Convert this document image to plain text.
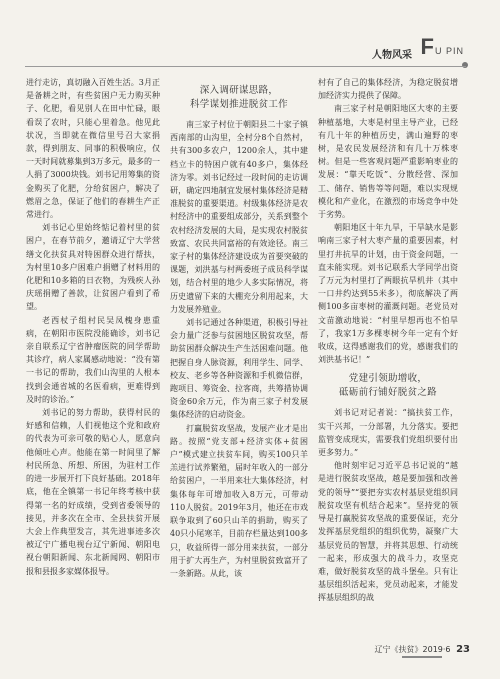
人物风采 F U PIN

进行走访，真切融入百姓生活。3月正是备耕之时，有些贫困户无力购买种子、化肥，看见别人在田中忙碌，眼看误了农时，只能心里着急。他见此状况，当即就在微信里号召大家捐款，得到朋友、同事的积极响应，仅一天时间就募集到3万多元，最多的一人捐了3000块钱。刘书记用筹集的资金购买了化肥，分给贫困户，解决了燃眉之急，保证了他们的春耕生产正常进行。

刘书记心里始终惦记着村里的贫困户，在春节前夕，邀请辽宁大学营缮文化扶贫具对特困群众进行帮扶，为村里10多户困难户捐赠了材料用的化肥和10多箱的日衣物，为残疾人孙庆瑶捐赠了善款，让贫困户看到了希望。

老西杖子组村民吴凤槐身患重病，在朝阳市医院没能确诊，刘书记亲自联系辽宁省肿瘤医院的同学帮助其诊疗，病人家属感动地说：“没有第一书记的帮助，我们山沟里的人根本找到会通省城的名医看病，更难得到及时的诊治。”

刘书记的努力帮助，获得村民的好感和信赖，人们视他这个党和政府的代表为可亲可敬的贴心人，愿意向他倾吐心声。他能在第一时间里了解村民所急、所想、所困，为驻村工作的进一步展开打下良好基础。2018年底，他在全镇第一书记年终考核中获得第一名的好成绩，受到省委领导的接见，并多次在全市、全县扶贫开展大会上作典型发言，其先进事迹多次被辽宁广播电视台辽宁新闻、朝阳电视台朝阳新闻、东北新闻网、朝阳市报和县报多家媒体报导。

深入调研谋思路，
科学谋划推进脱贫工作

南三家子村位于朝阳县二十家子镇西南部的山沟里，全村分8个自然村，共有300多农户，1200余人，其中建档立卡的特困户就有40多户，集体经济为零。刘书记经过一段时间的走访调研，确定四地制宜发展村集体经济是精准脱贫的重要渠道。村级集体经济是农村经济中的重要组成部分，关系到整个农村经济发展的大局，是实现农村脱贫致富、农民共同富裕的有效途径。南三家子村的集体经济建设成为首要突破的课题，刘洪基与村两委班子成员科学谋划，结合村里的地少人多实际情况，将历史遗留下来的大棚充分利用起来，大力发展养殖业。

刘书记通过各种渠道，积极引导社会力量广泛参与贫困地区脱贫攻坚，帮助贫困群众解决生产生活困难问题。他把握自身人脉资源，利用学生、同学、校友、老乡等各种资源和手机微信群，跑项目、筹资金、拉客商，共筹措协调资金60余万元，作为南三家子村发展集体经济的启动资金。

打赢脱贫攻坚战，发展产业才是出路。按照“党支部+经济实体+贫困户”模式建立扶贫车间，购买100只羊羔进行试养繁殖，届时年收入的一部分给贫困户，一半用来壮大集体经济，村集体每年可增加收入8万元，可带动110人脱贫。2019年3月，他还在市戏联争取到了60只山羊的捐助，购买了40只小尾寒羊，目前存栏量达到100多只，收益所得一部分用来扶贫，一部分用于扩大再生产，为村里脱贫致富开了一条新路。从此，该

村有了自己的集体经济，为稳定脱贫增加经济实力提供了保障。

南三家子村是朝阳地区大枣的主要种植基地，大枣是村里主导产业，已经有几十年的种植历史，满山遍野的枣树，是农民发展经济和有几十万株枣树。但是一些客观问题严重影响枣业的发展：“靠天吃饭”、分散经营、深加工、储存、销售等等问题，难以实现规模化和产业化，在激烈的市场竞争中处于劣势。

朝阳地区十年九旱，干旱缺水是影响南三家子村大枣产量的重要因素，村里打井抗旱的计划，由于资金问题，一直未能实现。刘书记联系大学同学出资了万元为村里打了两眼抗旱机井（其中一口井约达到55米多），彻底解决了两侧100多亩枣树的灌溉问题。老党员对文苗激动地说：“村里早想再也不怕旱了，我家1万多棵枣树今年一定有个好收成，这得感谢我们的党，感谢我们的刘洪基书记！”

党建引领助增收，
砥砺前行铺好脱贫之路

刘书记对记者说：“搞扶贫工作，实干兴邦，一分部署，九分落实。要把监管变成现实，需要我们党组织要付出更多努力。”

他时刻牢记习近平总书记说的“越是进行脱贫攻坚战，越是要加强和改善党的领导”“要把夯实农村基层党组织同脱贫攻坚有机结合起来”。坚持党的领导是打赢脱贫攻坚战的重要保证，充分发挥基层党组织的组织优势，凝聚广大基层党员的智慧，并将其思想、行动统一起来，形成强大的战斗力，攻坚克难，做好脱贫攻坚的战斗堡垒。只有让基层组织活起来，党员动起来，才能发挥基层组织的战

辽宁《扶贫》2019·6 23
